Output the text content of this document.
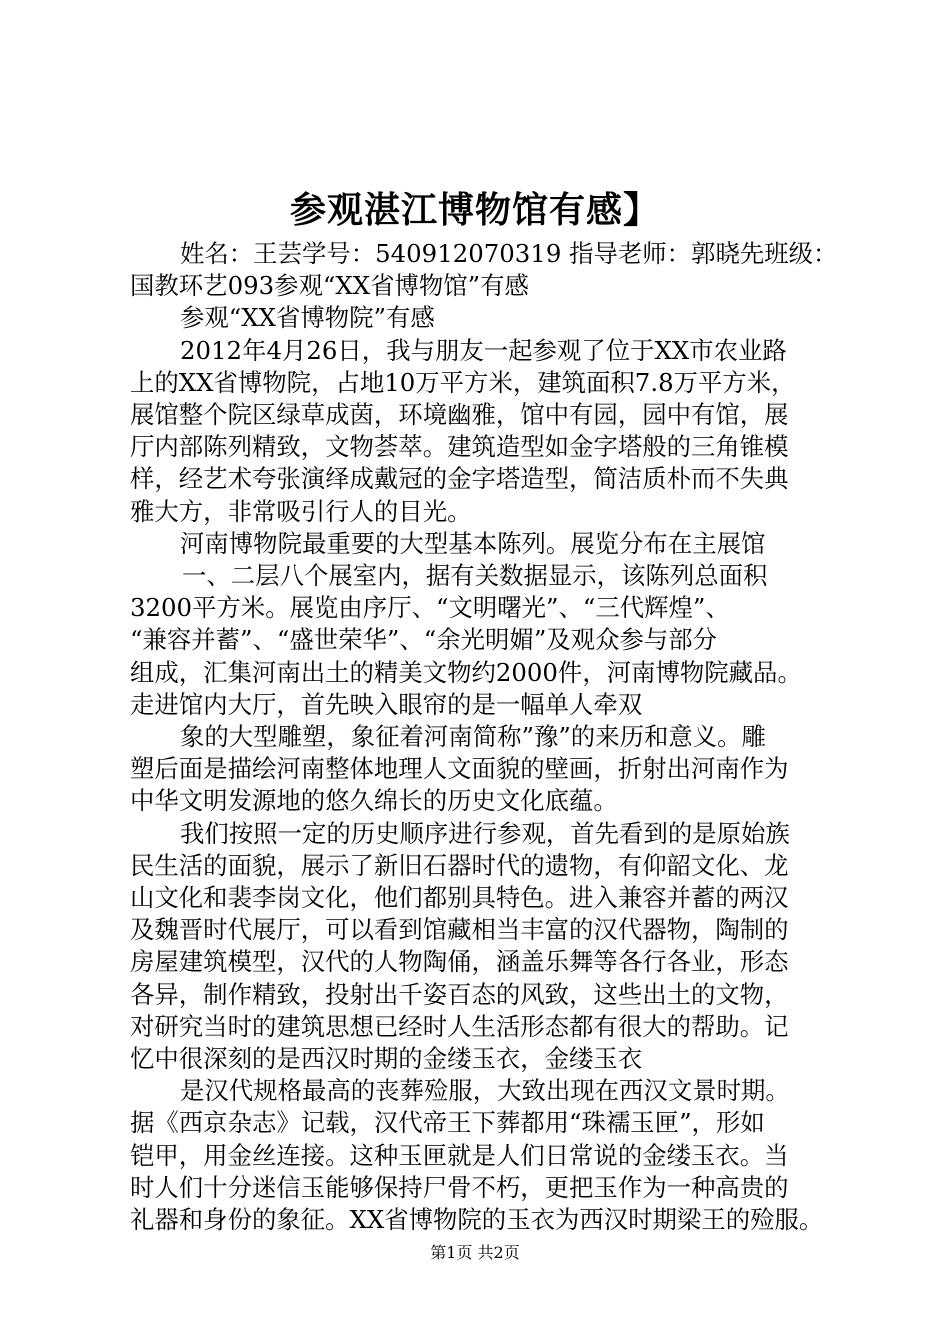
参观湛江博物馆有感】
姓名：王芸学号：540912070319 指导老师：郭晓先班级：
国教环艺093参观“XX省博物馆”有感
参观“XX省博物院”有感
2012年4月26日，我与朋友一起参观了位于XX市农业路
上的XX省博物院，占地10万平方米，建筑面积7.8万平方米，
展馆整个院区绿草成茵，环境幽雅，馆中有园，园中有馆，展
厅内部陈列精致，文物荟萃。建筑造型如金字塔般的三角锥模
样，经艺术夸张演绎成戴冠的金字塔造型，简洁质朴而不失典
雅大方，非常吸引行人的目光。
河南博物院最重要的大型基本陈列。展览分布在主展馆
一、二层八个展室内，据有关数据显示，该陈列总面积
3200平方米。展览由序厅、“文明曙光”、“三代辉煌”、
“兼容并蓄”、“盛世荣华”、“余光明媚”及观众参与部分
组成，汇集河南出土的精美文物约2000件，河南博物院藏品。
走进馆内大厅，首先映入眼帘的是一幅单人牵双
象的大型雕塑，象征着河南简称”豫”的来历和意义。雕
塑后面是描绘河南整体地理人文面貌的壁画，折射出河南作为
中华文明发源地的悠久绵长的历史文化底蕴。
我们按照一定的历史顺序进行参观，首先看到的是原始族
民生活的面貌，展示了新旧石器时代的遗物，有仰韶文化、龙
山文化和裴李岗文化，他们都别具特色。进入兼容并蓄的两汉
及魏晋时代展厅，可以看到馆藏相当丰富的汉代器物，陶制的
房屋建筑模型，汉代的人物陶俑，涵盖乐舞等各行各业，形态
各异，制作精致，投射出千姿百态的风致，这些出土的文物，
对研究当时的建筑思想已经时人生活形态都有很大的帮助。记
忆中很深刻的是西汉时期的金缕玉衣，金缕玉衣
是汉代规格最高的丧葬殓服，大致出现在西汉文景时期。
据《西京杂志》记载，汉代帝王下葬都用“珠襦玉匣”，形如
铠甲，用金丝连接。这种玉匣就是人们日常说的金缕玉衣。当
时人们十分迷信玉能够保持尸骨不朽，更把玉作为一种高贵的
礼器和身份的象征。XX省博物院的玉衣为西汉时期梁王的殓服。
第1页 共2页
